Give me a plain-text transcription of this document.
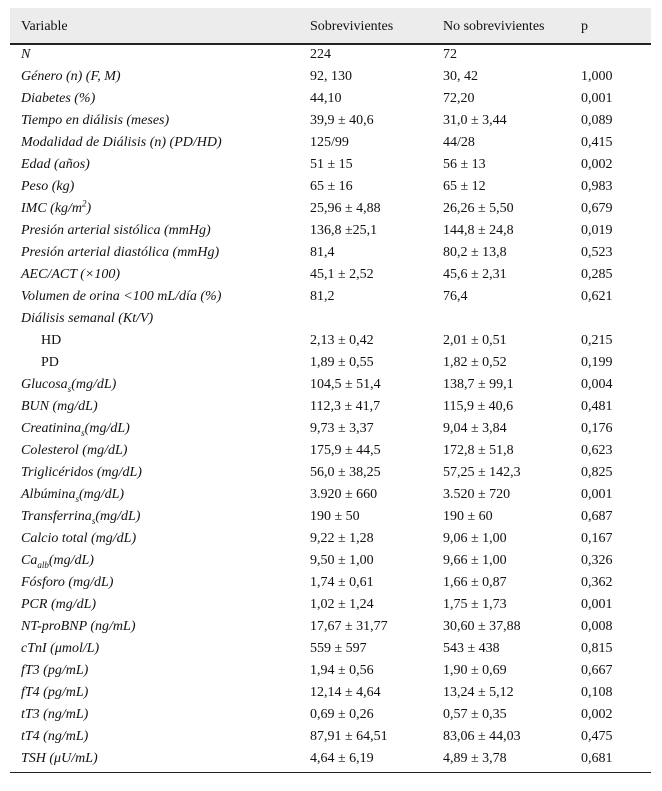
Variable	Sobrevivientes	No sobrevivientes	p
N	224	72
Género (n) (F, M)	92, 130	30, 42	1,000
Diabetes (%)	44,10	72,20	0,001
Tiempo en diálisis (meses)	39,9 ± 40,6	31,0 ± 3,44	0,089
Modalidad de Diálisis (n) (PD/HD)	125/99	44/28	0,415
Edad (años)	51 ± 15	56 ± 13	0,002
Peso (kg)	65 ± 16	65 ± 12	0,983
IMC $(kg/m^2)$	25,96 ± 4,88	26,26 ± 5,50	0,679
Presión arterial sistólica (mmHg)	136,8 ±25,1	144,8 ± 24,8	0,019
Presión arterial diastólica (mmHg)	81,4	80,2 ± 13,8	0,523
AEC/ACT (×100)	45,1 ± 2,52	45,6 ± 2,31	0,285
Volumen de orina <100 mL/día (%)	81,2	76,4	0,621
Diálisis semanal (Kt/V)
HD	2,13 ± 0,42	2,01 ± 0,51	0,215
PD	1,89 ± 0,55	1,82 ± 0,52	0,199
Glucosa$_s$(mg/dL)	104,5 ± 51,4	138,7 ± 99,1	0,004
BUN (mg/dL)	112,3 ± 41,7	115,9 ± 40,6	0,481
Creatinina$_s$(mg/dL)	9,73 ± 3,37	9,04 ± 3,84	0,176
Colesterol (mg/dL)	175,9 ± 44,5	172,8 ± 51,8	0,623
Triglicéridos (mg/dL)	56,0 ± 38,25	57,25 ± 142,3	0,825
Albúmina$_s$(mg/dL)	3.920 ± 660	3.520 ± 720	0,001
Transferrina$_s$(mg/dL)	190 ± 50	190 ± 60	0,687
Calcio total (mg/dL)	9,22 ± 1,28	9,06 ± 1,00	0,167
$Ca_{alb}(mg/dL)$	9,50 ± 1,00	9,66 ± 1,00	0,326
Fósforo (mg/dL)	1,74 ± 0,61	1,66 ± 0,87	0,362
PCR (mg/dL)	1,02 ± 1,24	1,75 ± 1,73	0,001
NT-proBNP (ng/mL)	17,67 ± 31,77	30,60 ± 37,88	0,008
cTnI (μmol/L)	559 ± 597	543 ± 438	0,815
fT3 (pg/mL)	1,94 ± 0,56	1,90 ± 0,69	0,667
fT4 (pg/mL)	12,14 ± 4,64	13,24 ± 5,12	0,108
tT3 (ng/mL)	0,69 ± 0,26	0,57 ± 0,35	0,002
tT4 (ng/mL)	87,91 ± 64,51	83,06 ± 44,03	0,475
TSH (μU/mL)	4,64 ± 6,19	4,89 ± 3,78	0,681
